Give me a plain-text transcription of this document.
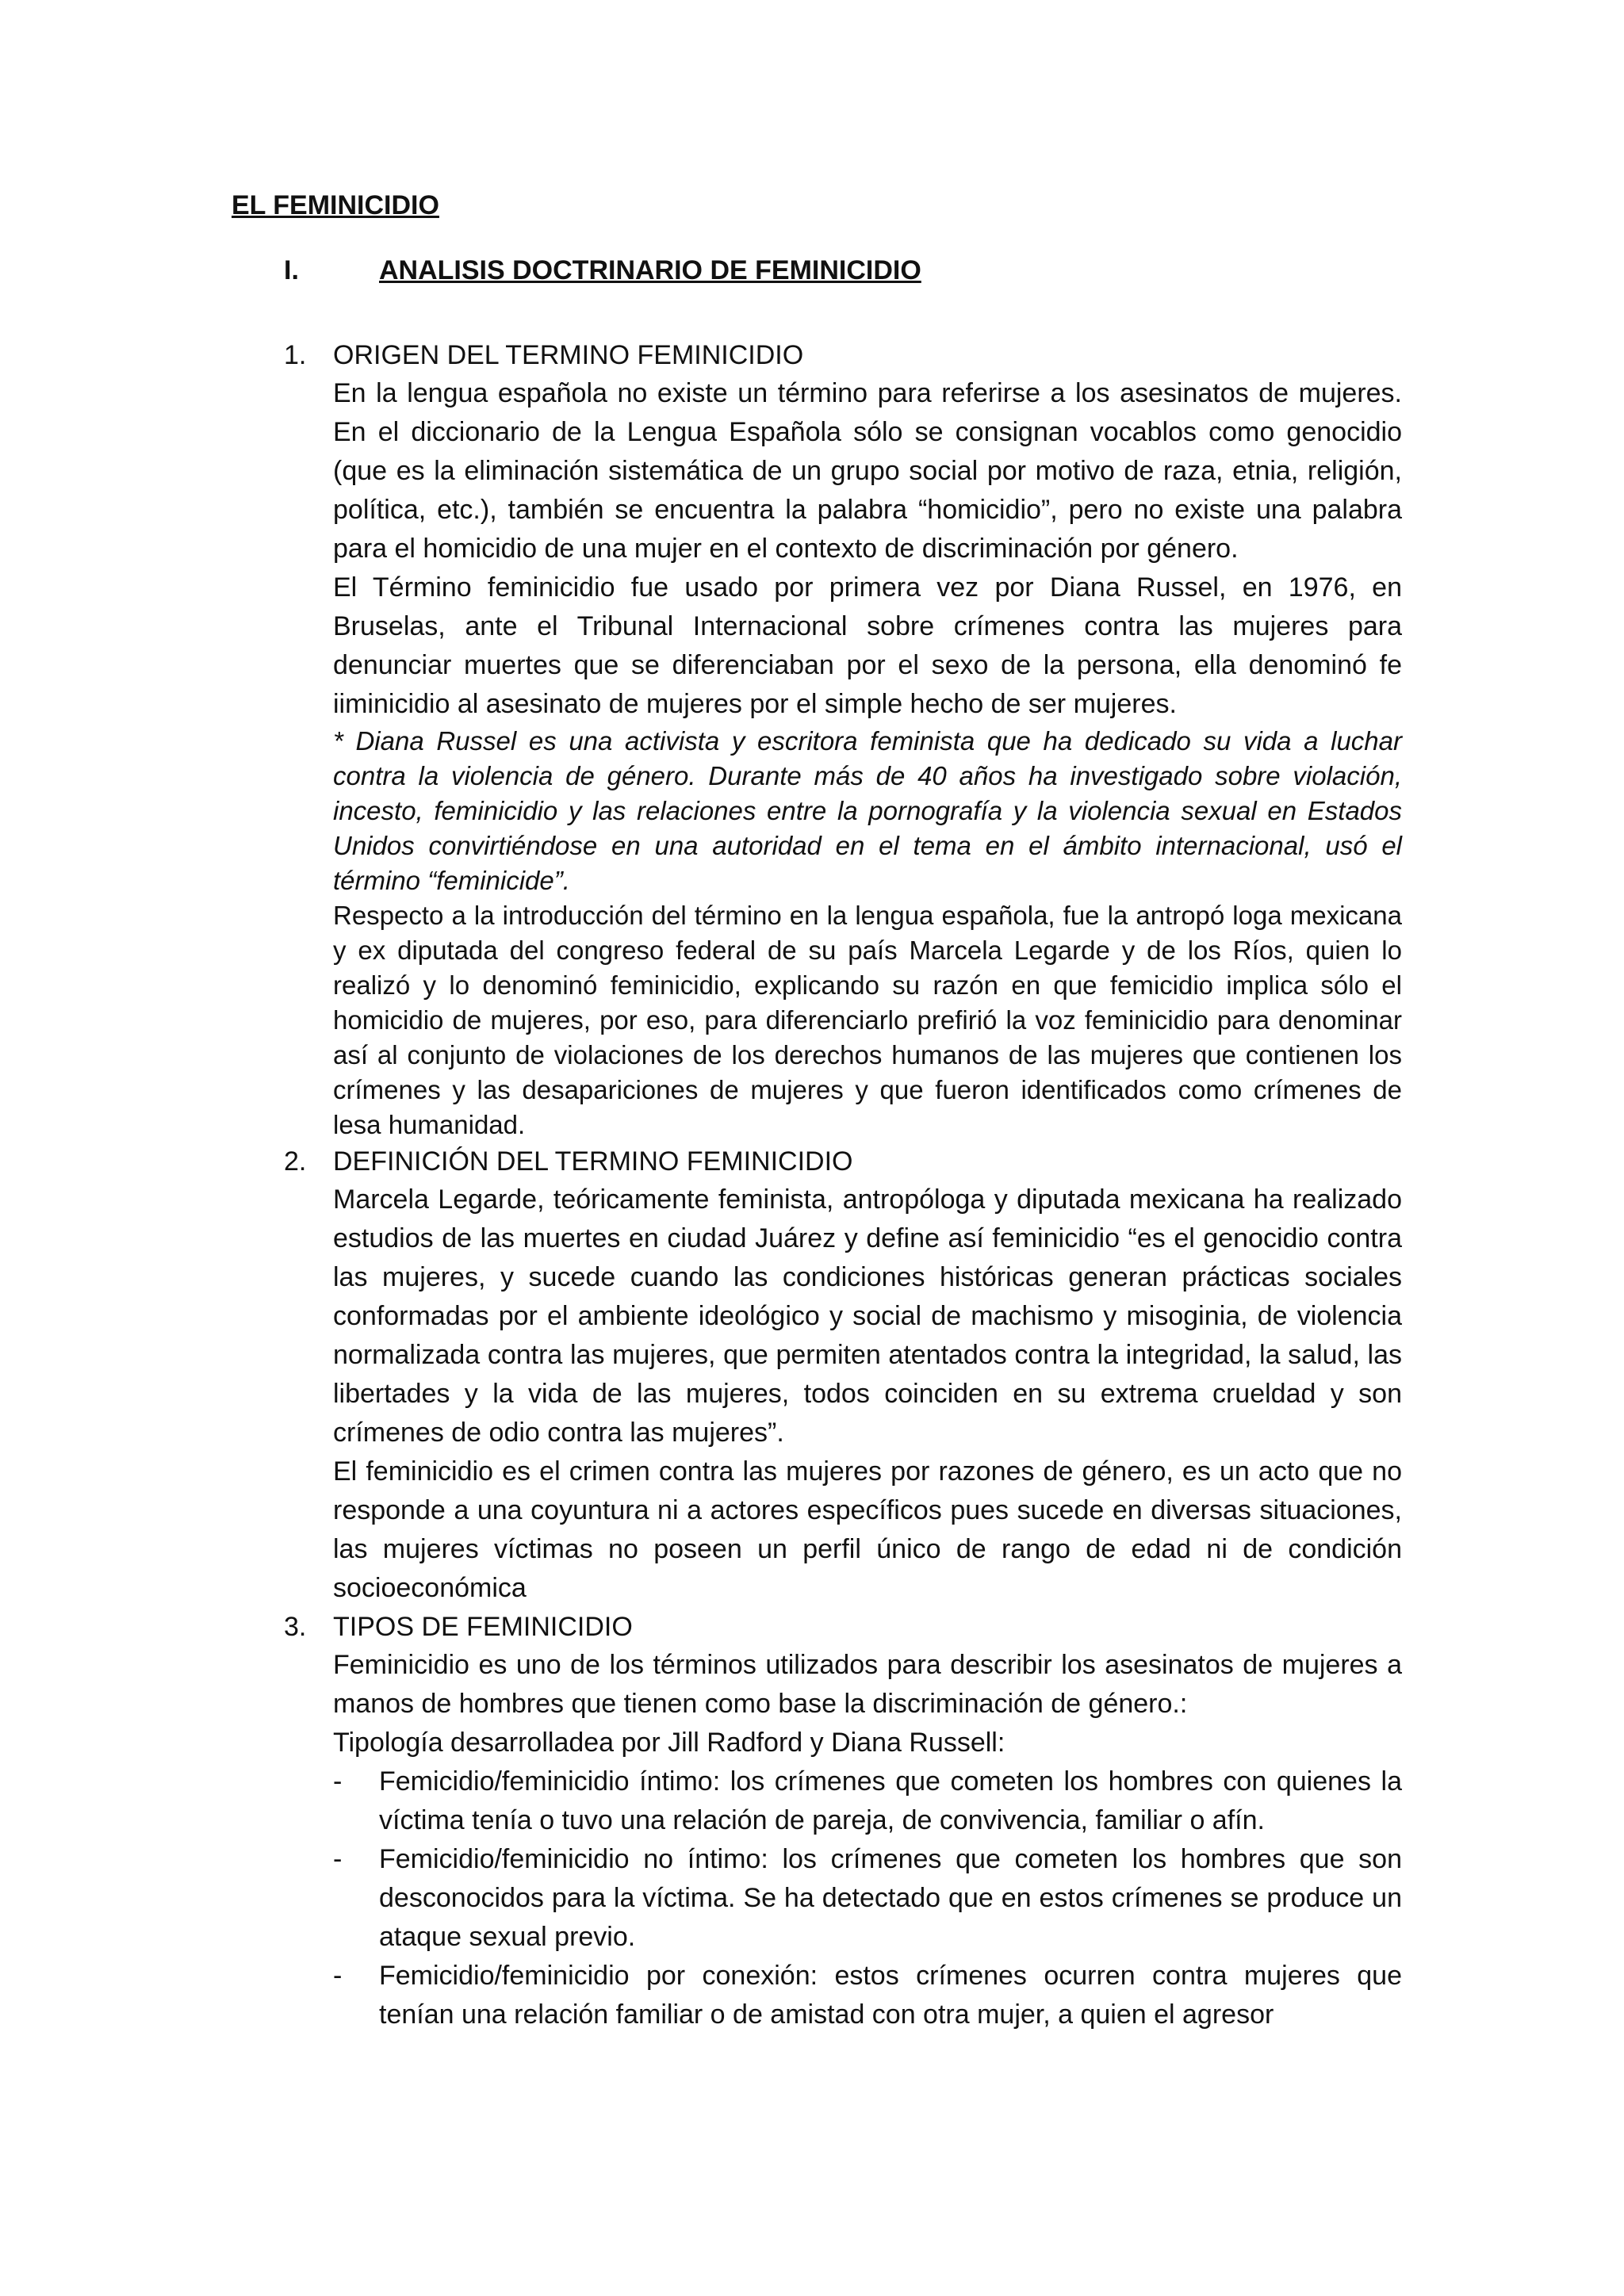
EL FEMINICIDIO
I.	ANALISIS DOCTRINARIO DE FEMINICIDIO
1. ORIGEN DEL TERMINO FEMINICIDIO

En la lengua española no existe un término para referirse a los asesinatos de mujeres. En el diccionario de la Lengua Española sólo se consignan vocablos como genocidio (que es la eliminación sistemática de un grupo social por motivo de raza, etnia, religión, política, etc.), también se encuentra la palabra “homicidio”, pero no existe una palabra para el homicidio de una mujer en el contexto de discriminación por género.

El Término feminicidio fue usado por primera vez por Diana Russel, en 1976, en Bruselas, ante el Tribunal Internacional sobre crímenes contra las mujeres para denunciar muertes que se diferenciaban por el sexo de la persona, ella denominó fe iiminicidio al asesinato de mujeres por el simple hecho de ser mujeres.

* Diana Russel es una activista y escritora feminista que ha dedicado su vida a luchar contra la violencia de género. Durante más de 40 años ha investigado sobre violación, incesto, feminicidio y las relaciones entre la pornografía y la violencia sexual en Estados Unidos convirtiéndose en una autoridad en el tema en el ámbito internacional, usó el término “feminicide”.

Respecto a la introducción del término en la lengua española, fue la antropó loga mexicana y ex diputada del congreso federal de su país Marcela Legarde y de los Ríos, quien lo realizó y lo denominó feminicidio, explicando su razón en que femicidio implica sólo el homicidio de mujeres, por eso, para diferenciarlo prefirió la voz feminicidio para denominar así al conjunto de violaciones de los derechos humanos de las mujeres que contienen los crímenes y las desapariciones de mujeres y que fueron identificados como crímenes de lesa humanidad.

2. DEFINICIÓN DEL TERMINO FEMINICIDIO

Marcela Legarde, teóricamente feminista, antropóloga y diputada mexicana ha realizado estudios de las muertes en ciudad Juárez y define así feminicidio “es el genocidio contra las mujeres, y sucede cuando las condiciones históricas generan prácticas sociales conformadas por el ambiente ideológico y social de machismo y misoginia, de violencia normalizada contra las mujeres, que permiten atentados contra la integridad, la salud, las libertades y la vida de las mujeres, todos coinciden en su extrema crueldad y son crímenes de odio contra las mujeres”.

El feminicidio es el crimen contra las mujeres por razones de género, es un acto que no responde a una coyuntura ni a actores específicos pues sucede en diversas situaciones, las mujeres víctimas no poseen un perfil único de rango de edad ni de condición socioeconómica

3. TIPOS DE FEMINICIDIO

Feminicidio es uno de los términos utilizados para describir los asesinatos de mujeres a manos de hombres que tienen como base la discriminación de género.:

Tipología desarrolladea por Jill Radford y Diana Russell:

- Femicidio/feminicidio íntimo: los crímenes que cometen los hombres con quienes la víctima tenía o tuvo una relación de pareja, de convivencia, familiar o afín.

- Femicidio/feminicidio no íntimo: los crímenes que cometen los hombres que son desconocidos para la víctima. Se ha detectado que en estos crímenes se produce un ataque sexual previo.

- Femicidio/feminicidio por conexión: estos crímenes ocurren contra mujeres que tenían una relación familiar o de amistad con otra mujer, a quien el agresor
